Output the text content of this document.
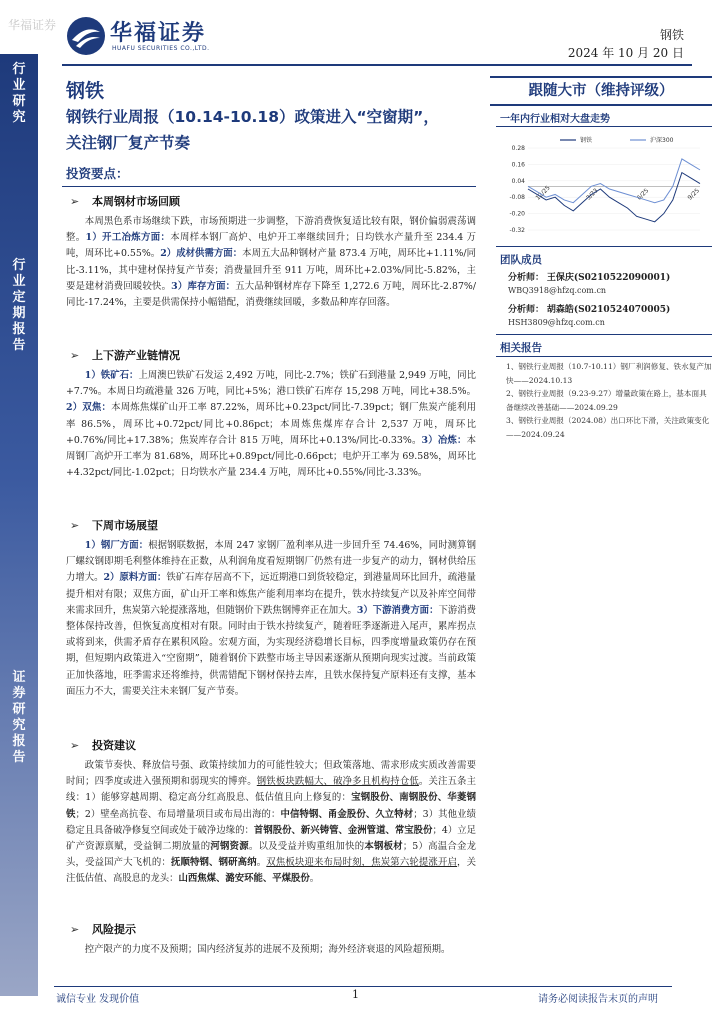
华福证券 华福证券
HUAFU SECURITIES CO.,LTD.
钢铁
2024 年 10 月 20 日
行业研究
行业定期报告
证券研究报告
钢铁
钢铁行业周报（10.14-10.18）政策进入“空窗期”，
关注钢厂复产节奏
投资要点：
➢ 本周钢材市场回顾
本周黑色系市场继续下跌，市场预期进一步调整，下游消费恢复适比较有限，钢价偏弱震荡调整。1）开工冶炼方面：本周样本钢厂高炉、电炉开工率继续回升；日均铁水产量升至 234.4 万吨，周环比+0.55%。2）成材供需方面：本周五大品种钢材产量 873.4 万吨，周环比+1.11%/同比-3.11%，其中建材保持复产节奏；消费量回升至 911 万吨，周环比+2.03%/同比-5.82%，主要是建材消费回暖较快。3）库存方面：五大品种钢材库存下降至 1,272.6 万吨，周环比-2.87%/同比-17.24%，主要是供需保持小幅错配，消费继续回暖，多数品种库存回落。
➢ 上下游产业链情况
1）铁矿石：上周澳巴铁矿石发运 2,492 万吨，同比-2.7%；铁矿石到港量 2,949 万吨，同比+7.7%。本周日均疏港量 326 万吨，同比+5%；港口铁矿石库存 15,298 万吨，同比+38.5%。2）双焦：本周炼焦煤矿山开工率 87.22%，周环比+0.23pct/同比-7.39pct；钢厂焦炭产能利用率 86.5%，周环比+0.72pct/同比+0.86pct；本周炼焦煤库存合计 2,537 万吨，周环比+0.76%/同比+17.38%；焦炭库存合计 815 万吨，周环比+0.13%/同比-0.33%。3）冶炼：本周钢厂高炉开工率为 81.68%，周环比+0.89pct/同比-0.66pct；电炉开工率为 69.58%，周环比+4.32pct/同比-1.02pct；日均铁水产量 234.4 万吨，周环比+0.55%/同比-3.33%。
➢ 下周市场展望
1）钢厂方面：根据钢联数据，本周 247 家钢厂盈利率从进一步回升至 74.46%，同时测算钢厂螺纹钢即期毛利整体维持在正数，从利润角度看短期钢厂仍然有进一步复产的动力，钢材供给压力增大。2）原料方面：铁矿石库存居高不下，远近期港口到货较稳定，到港量周环比回升，疏港量提升相对有限；双焦方面，矿山开工率和炼焦产能利用率均在提升，铁水持续复产以及补库空间带来需求回升，焦炭第六轮提涨落地，但随钢价下跌焦钢博弈正在加大。3）下游消费方面：下游消费整体保持改善，但恢复高度相对有限。同时由于铁水持续复产，随着旺季逐渐进入尾声，累库拐点或将到来，供需矛盾存在累积风险。宏观方面，为实现经济稳增长目标，四季度增量政策仍存在预期，但短期内政策进入“空窗期”，随着钢价下跌整市场主导因素逐渐从预期向现实过渡。当前政策正加快落地，旺季需求还将维持，供需错配下钢材保持去库，且铁水保持复产原料还有支撑，基本面压力不大，需要关注未来钢厂复产节奏。
➢ 投资建议
政策节奏快、释放信号强、政策持续加力的可能性较大；但政策落地、需求形成实质改善需要时间；四季度或进入强预期和弱现实的博弈。钢铁板块跌幅大、破净多且机构持仓低。关注五条主线：1）能够穿越周期、稳定高分红高股息、低估值且向上修复的：宝钢股份、南钢股份、华菱钢铁；2）壁垒高抗卷、布局增量项目或布局出海的：中信特钢、甬金股份、久立特材；3）其他业绩稳定且具备破净修复空间或处于破净边缘的：首钢股份、新兴铸管、金洲管道、常宝股份；4）立足矿产资源禀赋，受益铜二期放量的河钢资源。以及受益并购重组加快的本钢板材；5）高温合金龙头，受益国产大飞机的：抚顺特钢、钢研高纳。双焦板块迎来布局时刻，焦炭第六轮提涨开启，关注低估值、高股息的龙头：山西焦煤、潞安环能、平煤股份。
➢ 风险提示
控产限产的力度不及预期；国内经济复苏的进展不及预期；海外经济衰退的风险超预期。
跟随大市（维持评级）
一年内行业相对大盘走势
0.28
0.16
0.04
-0.08
-0.20
-0.32
12/25	3/23	6/25	9/25
钢铁	沪深300
团队成员
分析师： 王保庆(S0210522090001)
WBQ3918@hfzq.com.cn
分析师： 胡森皓(S0210524070005)
HSH3809@hfzq.com.cn
相关报告
1、钢铁行业周报（10.7-10.11）钢厂利润修复、铁水复产加快——2024.10.13
2、钢铁行业周报（9.23-9.27）增量政策在路上，基本面具备继续改善基础——2024.09.29
3、钢铁行业周报（2024.08）出口环比下滑，关注政策变化——2024.09.24
诚信专业 发现价值	1	请务必阅读报告末页的声明
